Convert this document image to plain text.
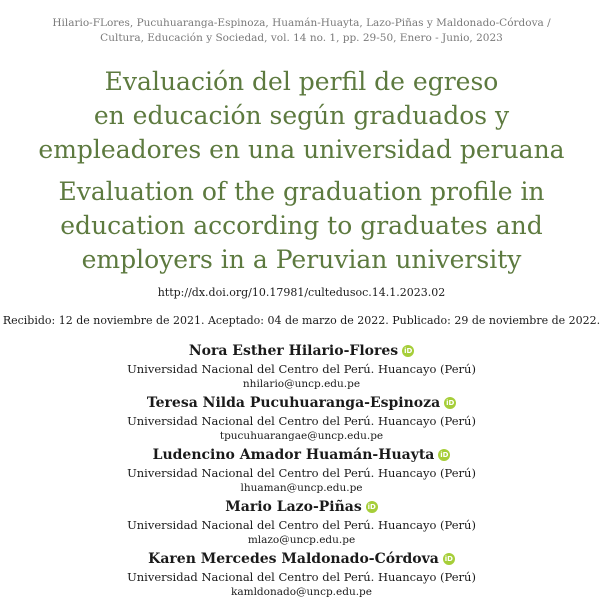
Hilario-FLores, Pucuhuaranga-Espinoza, Huamán-Huayta, Lazo-Piñas y Maldonado-Córdova /
Cultura, Educación y Sociedad, vol. 14 no. 1, pp. 29-50, Enero - Junio, 2023
Evaluación del perfil de egreso
en educación según graduados y
empleadores en una universidad peruana
Evaluation of the graduation profile in
education according to graduates and
employers in a Peruvian university
http://dx.doi.org/10.17981/cultedusoc.14.1.2023.02
Recibido: 12 de noviembre de 2021. Aceptado: 04 de marzo de 2022. Publicado: 29 de noviembre de 2022.
Nora Esther Hilario-Flores iD
Universidad Nacional del Centro del Perú. Huancayo (Perú)
nhilario@uncp.edu.pe
Teresa Nilda Pucuhuaranga-Espinoza iD
Universidad Nacional del Centro del Perú. Huancayo (Perú)
tpucuhuarangae@uncp.edu.pe
Ludencino Amador Huamán-Huayta iD
Universidad Nacional del Centro del Perú. Huancayo (Perú)
lhuaman@uncp.edu.pe
Mario Lazo-Piñas iD
Universidad Nacional del Centro del Perú. Huancayo (Perú)
mlazo@uncp.edu.pe
Karen Mercedes Maldonado-Córdova iD
Universidad Nacional del Centro del Perú. Huancayo (Perú)
kamldonado@uncp.edu.pe
